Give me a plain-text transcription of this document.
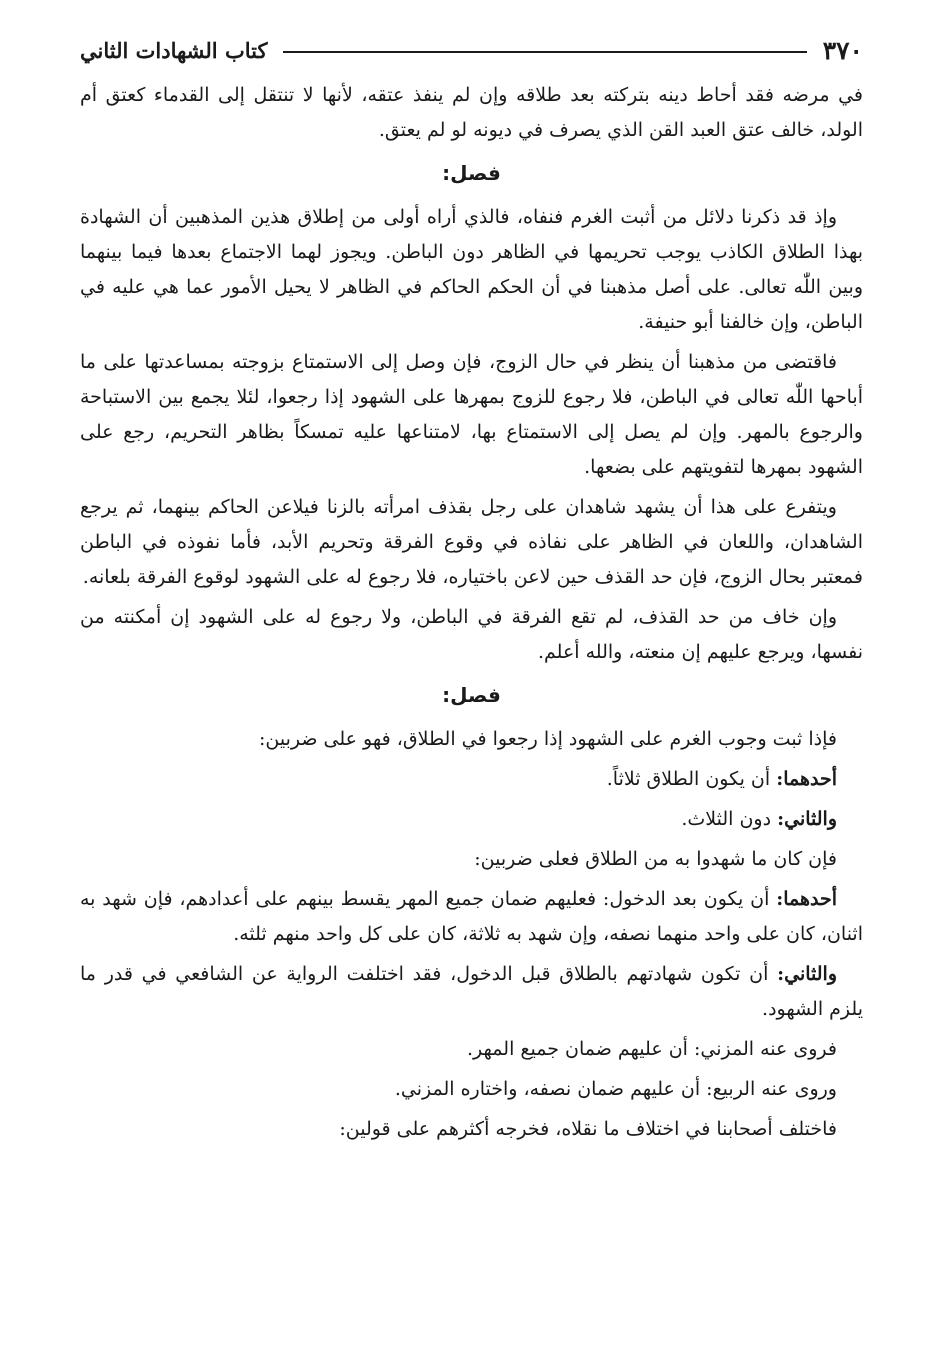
٣٧٠
كتاب الشهادات الثاني

في مرضه فقد أحاط دينه بتركته بعد طلاقه وإن لم ينفذ عتقه، لأنها لا تنتقل إلى القدماء كعتق أم الولد، خالف عتق العبد القن الذي يصرف في ديونه لو لم يعتق.

فصل:

وإذ قد ذكرنا دلائل من أثبت الغرم فنفاه، فالذي أراه أولى من إطلاق هذين المذهبين أن الشهادة بهذا الطلاق الكاذب يوجب تحريمها في الظاهر دون الباطن. ويجوز لهما الاجتماع بعدها فيما بينهما وبين اللّٰه تعالى. على أصل مذهبنا في أن الحكم الحاكم في الظاهر لا يحيل الأمور عما هي عليه في الباطن، وإن خالفنا أبو حنيفة.

فاقتضى من مذهبنا أن ينظر في حال الزوج، فإن وصل إلى الاستمتاع بزوجته بمساعدتها على ما أباحها اللّٰه تعالى في الباطن، فلا رجوع للزوج بمهرها على الشهود إذا رجعوا، لئلا يجمع بين الاستباحة والرجوع بالمهر. وإن لم يصل إلى الاستمتاع بها، لامتناعها عليه تمسكاً بظاهر التحريم، رجع على الشهود بمهرها لتفويتهم على بضعها.

ويتفرع على هذا أن يشهد شاهدان على رجل بقذف امرأته بالزنا فيلاعن الحاكم بينهما، ثم يرجع الشاهدان، واللعان في الظاهر على نفاذه في وقوع الفرقة وتحريم الأبد، فأما نفوذه في الباطن فمعتبر بحال الزوج، فإن حد القذف حين لاعن باختياره، فلا رجوع له على الشهود لوقوع الفرقة بلعانه.

وإن خاف من حد القذف، لم تقع الفرقة في الباطن، ولا رجوع له على الشهود إن أمكنته من نفسها، ويرجع عليهم إن منعته، والله أعلم.

فصل:

فإذا ثبت وجوب الغرم على الشهود إذا رجعوا في الطلاق، فهو على ضربين:

أحدهما: أن يكون الطلاق ثلاثاً.

والثاني: دون الثلاث.

فإن كان ما شهدوا به من الطلاق فعلى ضربين:

أحدهما: أن يكون بعد الدخول: فعليهم ضمان جميع المهر يقسط بينهم على أعدادهم، فإن شهد به اثنان، كان على واحد منهما نصفه، وإن شهد به ثلاثة، كان على كل واحد منهم ثلثه.

والثاني: أن تكون شهادتهم بالطلاق قبل الدخول، فقد اختلفت الرواية عن الشافعي في قدر ما يلزم الشهود.

فروى عنه المزني: أن عليهم ضمان جميع المهر.

وروى عنه الربيع: أن عليهم ضمان نصفه، واختاره المزني.

فاختلف أصحابنا في اختلاف ما نقلاه، فخرجه أكثرهم على قولين:
